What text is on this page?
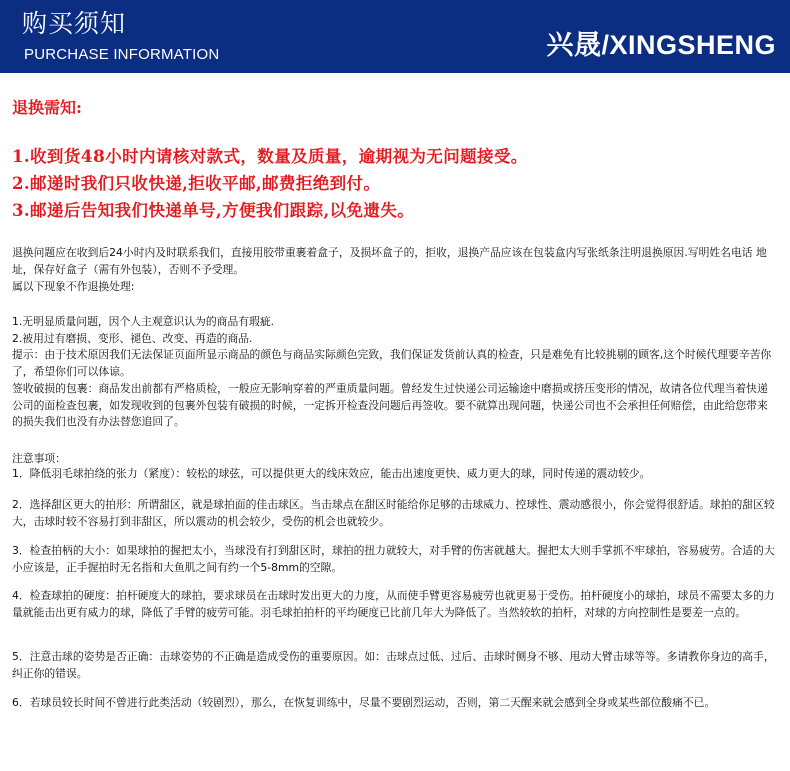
购买须知
PURCHASE INFORMATION	兴晟/XINGSHENG
退换需知:
1.收到货48小时内请核对款式，数量及质量，逾期视为无问题接受。
2.邮递时我们只收快递,拒收平邮,邮费拒绝到付。
3.邮递后告知我们快递单号,方便我们跟踪,以免遗失。
退换问题应在收到后24小时内及时联系我们，直接用胶带重裹着盒子，及损坏盒子的，拒收，退换产品应该在包装盒内写张纸条注明退换原因.写明姓名电话 地址，保存好盒子（需有外包装），否则不予受理。
属以下现象不作退换处理:
1.无明显质量问题，因个人主观意识认为的商品有瑕疵.
2.被用过有磨损、变形、褪色、改变、再造的商品.
提示：由于技术原因我们无法保证页面所显示商品的颜色与商品实际颜色完致，我们保证发货前认真的检查，只是难免有比较挑剔的顾客,这个时候代理要辛苦你了，希望你们可以体谅。
签收破损的包裹：商品发出前都有严格质检，一般应无影响穿着的严重质量问题。曾经发生过快递公司运输途中磨损或挤压变形的情况，故请各位代理当着快递公司的面检查包裹，如发现收到的包裹外包装有破损的时候，一定拆开检查没问题后再签收。要不就算出现问题，快递公司也不会承担任何赔偿，由此给您带来的损失我们也没有办法替您追回了。
注意事项：
1．降低羽毛球拍绕的张力（紧度）：较松的球弦，可以提供更大的线床效应，能击出速度更快、威力更大的球，同时传递的震动较少。
2．选择甜区更大的拍形：所谓甜区，就是球拍面的佳击球区。当击球点在甜区时能给你足够的击球威力、控球性、震动感很小，你会觉得很舒适。球拍的甜区较大，击球时较不容易打到非甜区，所以震动的机会较少，受伤的机会也就较少。
3．检查拍柄的大小：如果球拍的握把太小，当球没有打到甜区时，球拍的扭力就较大，对手臂的伤害就越大。握把太大则手掌抓不牢球拍，容易疲劳。合适的大小应该是，正手握拍时无名指和大鱼肌之间有约一个5-8mm的空隙。
4．检查球拍的硬度：拍杆硬度大的球拍，要求球员在击球时发出更大的力度，从而使手臂更容易疲劳也就更易于受伤。拍杆硬度小的球拍，球员不需要太多的力量就能击出更有威力的球，降低了手臂的疲劳可能。羽毛球拍拍杆的平均硬度已比前几年大为降低了。当然较软的拍杆，对球的方向控制性是要差一点的。
5．注意击球的姿势是否正确：击球姿势的不正确是造成受伤的重要原因。如：击球点过低、过后、击球时侧身不够、甩动大臂击球等等。多请教你身边的高手，纠正你的错误。
6．若球员较长时间不曾进行此类活动（较剧烈），那么，在恢复训练中，尽量不要剧烈运动，否则，第二天醒来就会感到全身或某些部位酸痛不已。
